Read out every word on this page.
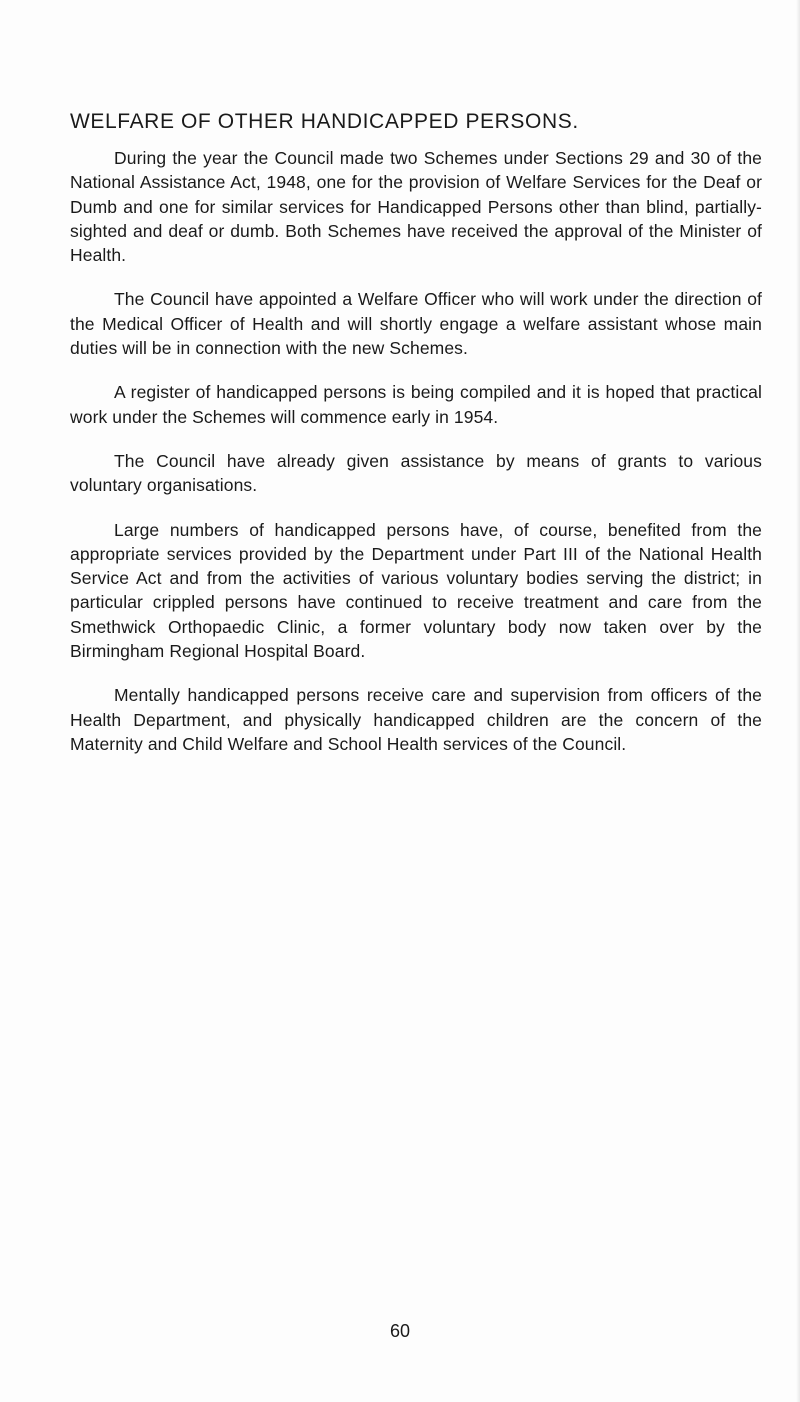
WELFARE OF OTHER HANDICAPPED PERSONS.

During the year the Council made two Schemes under Sections 29 and 30 of the National Assistance Act, 1948, one for the provision of Welfare Services for the Deaf or Dumb and one for similar services for Handicapped Persons other than blind, partially-sighted and deaf or dumb. Both Schemes have received the approval of the Minister of Health.

The Council have appointed a Welfare Officer who will work under the direction of the Medical Officer of Health and will shortly engage a welfare assistant whose main duties will be in connection with the new Schemes.

A register of handicapped persons is being compiled and it is hoped that practical work under the Schemes will commence early in 1954.

The Council have already given assistance by means of grants to various voluntary organisations.

Large numbers of handicapped persons have, of course, benefited from the appropriate services provided by the Department under Part III of the National Health Service Act and from the activities of various voluntary bodies serving the district; in particular crippled persons have continued to receive treatment and care from the Smethwick Orthopaedic Clinic, a former voluntary body now taken over by the Birmingham Regional Hospital Board.

Mentally handicapped persons receive care and supervision from officers of the Health Department, and physically handicapped children are the concern of the Maternity and Child Welfare and School Health services of the Council.

60
